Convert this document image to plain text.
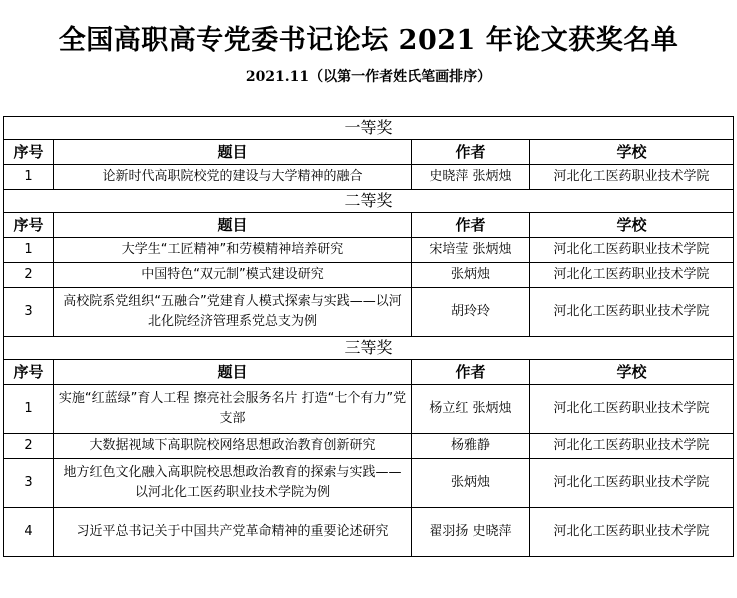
全国高职高专党委书记论坛 2021 年论文获奖名单
2021.11（以第一作者姓氏笔画排序）
一等奖			
序号	题目	作者	学校
1	论新时代高职院校党的建设与大学精神的融合	史晓萍 张炳烛	河北化工医药职业技术学院
二等奖			
序号	题目	作者	学校
1	大学生“工匠精神”和劳模精神培养研究	宋培莹 张炳烛	河北化工医药职业技术学院
2	中国特色“双元制”模式建设研究	张炳烛	河北化工医药职业技术学院
3	高校院系党组织“五融合”党建育人模式探索与实践——以河北化院经济管理系党总支为例	胡玲玲	河北化工医药职业技术学院
三等奖			
序号	题目	作者	学校
1	实施“红蓝绿”育人工程 擦亮社会服务名片 打造“七个有力”党支部	杨立红 张炳烛	河北化工医药职业技术学院
2	大数据视域下高职院校网络思想政治教育创新研究	杨雅静	河北化工医药职业技术学院
3	地方红色文化融入高职院校思想政治教育的探索与实践——以河北化工医药职业技术学院为例	张炳烛	河北化工医药职业技术学院
4	习近平总书记关于中国共产党革命精神的重要论述研究	翟羽扬 史晓萍	河北化工医药职业技术学院
